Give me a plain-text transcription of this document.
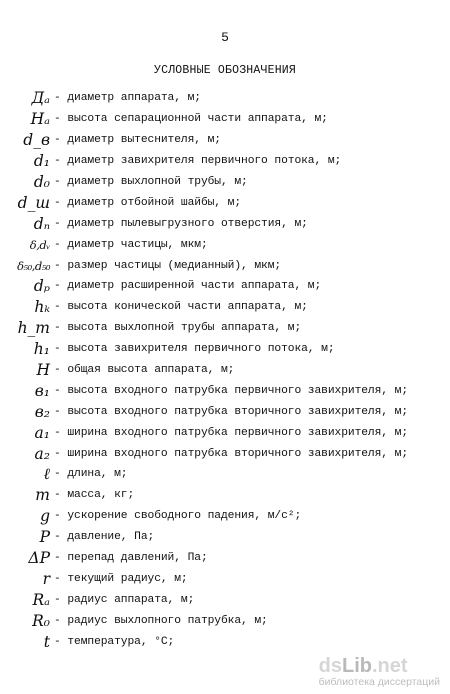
5
УСЛОВНЫЕ ОБОЗНАЧЕНИЯ
Дₐ - диаметр аппарата, м;
Нₐ - высота сепарационной части аппарата, м;
d_в - диаметр вытеснителя, м;
d₁ - диаметр завихрителя первичного потока, м;
d₀ - диаметр выхлопной трубы, м;
d_ш - диаметр отбойной шайбы, м;
dₙ - диаметр пылевыгрузного отверстия, м;
δ,dᵥ - диаметр частицы, мкм;
δ₅₀,d₅₀ - размер частицы (медианный), мкм;
dₚ - диаметр расширенной части аппарата, м;
hₖ - высота конической части аппарата, м;
h_т - высота выхлопной трубы аппарата, м;
h₁ - высота завихрителя первичного потока, м;
Н - общая высота аппарата, м;
в₁ - высота входного патрубка первичного завихрителя, м;
в₂ - высота входного патрубка вторичного завихрителя, м;
a₁ - ширина входного патрубка первичного завихрителя, м;
a₂ - ширина входного патрубка вторичного завихрителя, м;
ℓ - длина, м;
m - масса, кг;
g - ускорение свободного падения, м/с²;
Р - давление, Па;
ΔР - перепад давлений, Па;
r - текущий радиус, м;
Rₐ - радиус аппарата, м;
R₀ - радиус выхлопного патрубка, м;
t - температура, °С;
ds Lib .net
библиотека диссертаций
